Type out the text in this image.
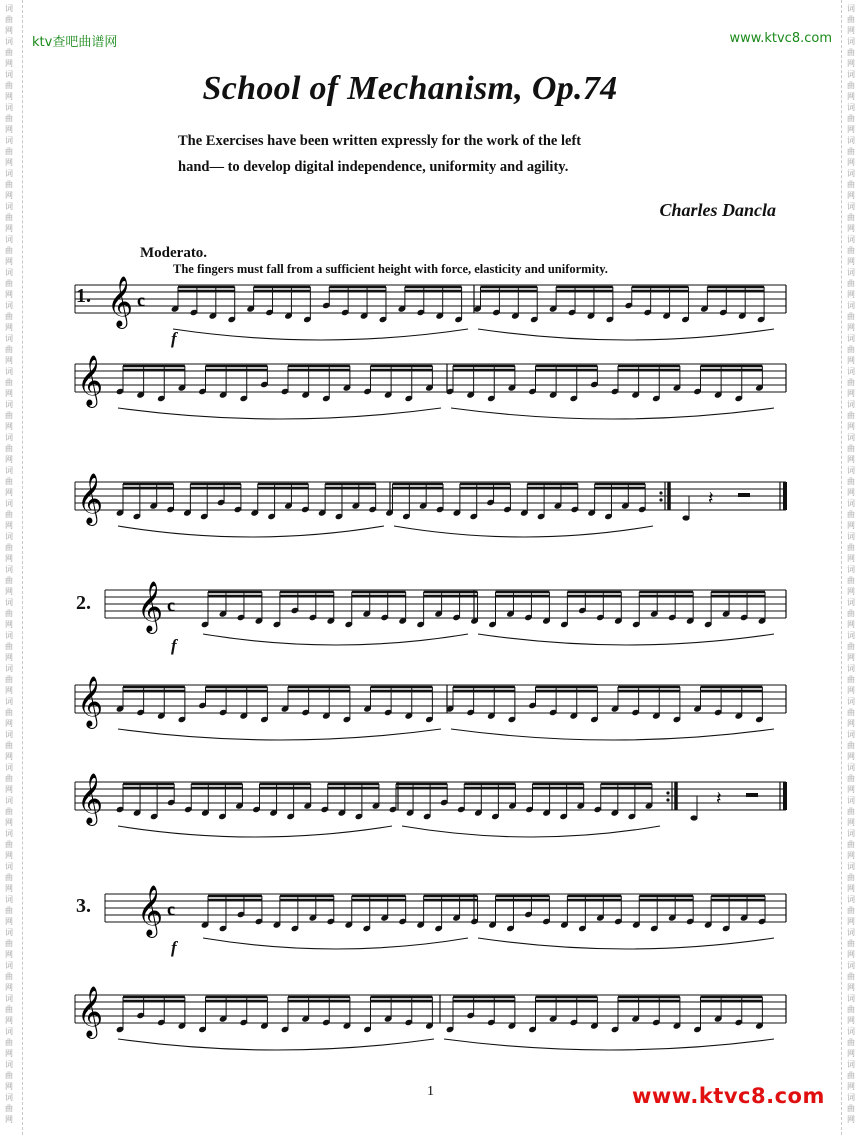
词
曲
网
词
曲
网
词
曲
网
词
曲
网
词
曲
网
词
曲
网
词
曲
网
词
曲
网
词
曲
网
词
曲
网
词
曲
网
词
曲
网
词
曲
网
词
曲
网
词
曲
网
词
曲
网
词
曲
网
词
曲
网
词
曲
网
词
曲
网
词
曲
网
词
曲
网
词
曲
网
词
曲
网
词
曲
网
词
曲
网
词
曲
网
词
曲
网
词
曲
网
词
曲
网
词
曲
网
词
曲
网
词
曲
网
词
曲
网
词
曲
网
词
曲
网
词
曲
网
词
曲
网
词
曲
网
词
曲
网
词
曲
网
词
曲
网
词
曲
网
词
曲
网
词
曲
网
词
曲
网
词
曲
网
词
曲
网
词
曲
网
词
曲
网
词
曲
网
词
曲
网
词
曲
网
词
曲
网
词
曲
网
词
曲
网
词
曲
网
词
曲
网
词
曲
网
词
曲
网
词
曲
网
词
曲
网
词
曲
网
词
曲
网
词
曲
网
词
曲
网
词
曲
网
词
曲
网
ktv查吧曲谱网	www.ktvc8.com
School of Mechanism, Op.74
The Exercises have been written expressly for the work of the left
hand— to develop digital independence, uniformity and agility.
Charles Dancla
Moderato.
The fingers must fall from a sufficient height with force, elasticity and uniformity.
1.
f
2.
f
3.
f
𝄞 c
𝄞
𝄞	𝄽
𝄞 c
𝄞
𝄞	𝄽
𝄞 c
𝄞
1	www.ktvc8.com
